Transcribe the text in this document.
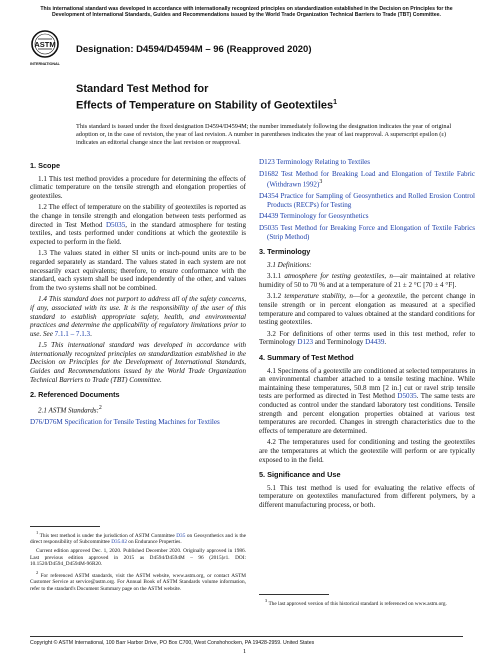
This international standard was developed in accordance with internationally recognized principles on standardization established in the Decision on Principles for the Development of International Standards, Guides and Recommendations issued by the World Trade Organization Technical Barriers to Trade (TBT) Committee.
ASTM
INTERNATIONAL
Designation: D4594/D4594M – 96 (Reapproved 2020)
Standard Test Method for
Effects of Temperature on Stability of Geotextiles$^1$
This standard is issued under the fixed designation D4594/D4594M; the number immediately following the designation indicates the year of original adoption or, in the case of revision, the year of last revision. A number in parentheses indicates the year of last reapproval. A superscript epsilon (ε) indicates an editorial change since the last revision or reapproval.
1. Scope

1.1 This test method provides a procedure for determining the effects of climatic temperature on the tensile strength and elongation properties of geotextiles.

1.2 The effect of temperature on the stability of geotextiles is reported as the change in tensile strength and elongation between tests performed as directed in Test Method D5035, in the standard atmosphere for testing textiles, and tests performed under conditions at which the geotextile is expected to perform in the field.

1.3 The values stated in either SI units or inch-pound units are to be regarded separately as standard. The values stated in each system are not necessarily exact equivalents; therefore, to ensure conformance with the standard, each system shall be used independently of the other, and values from the two systems shall not be combined.

1.4 This standard does not purport to address all of the safety concerns, if any, associated with its use. It is the responsibility of the user of this standard to establish appropriate safety, health, and environmental practices and determine the applicability of regulatory limitations prior to use. See 7.1.1 – 7.1.3.

1.5 This international standard was developed in accordance with internationally recognized principles on standardization established in the Decision on Principles for the Development of International Standards, Guides and Recommendations issued by the World Trade Organization Technical Barriers to Trade (TBT) Committee.

2. Referenced Documents

2.1 ASTM Standards:$^2$

D76/D76M Specification for Tensile Testing Machines for Textiles

D123 Terminology Relating to Textiles

D1682 Test Method for Breaking Load and Elongation of Textile Fabric (Withdrawn 1992)$^3$

D4354 Practice for Sampling of Geosynthetics and Rolled Erosion Control Products (RECPs) for Testing

D4439 Terminology for Geosynthetics

D5035 Test Method for Breaking Force and Elongation of Textile Fabrics (Strip Method)

3. Terminology

3.1 Definitions:

3.1.1 atmosphere for testing geotextiles, n—air maintained at relative humidity of 50 to 70 % and at a temperature of 21 ± 2 °C [70 ± 4 °F].

3.1.2 temperature stability, n—for a geotextile, the percent change in tensile strength or in percent elongation as measured at a specified temperature and compared to values obtained at the standard conditions for testing geotextiles.

3.2 For definitions of other terms used in this test method, refer to Terminology D123 and Terminology D4439.

4. Summary of Test Method

4.1 Specimens of a geotextile are conditioned at selected temperatures in an environmental chamber attached to a tensile testing machine. While maintaining these temperatures, 50.8 mm [2 in.] cut or ravel strip tensile tests are performed as directed in Test Method D5035. The same tests are conducted as control under the standard laboratory test conditions. Tensile strength and percent elongation properties obtained at various test temperatures are recorded. Changes in strength characteristics due to the effects of temperature are determined.

4.2 The temperatures used for conditioning and testing the geotextiles are the temperatures at which the geotextile will perform or are typically exposed to in the field.

5. Significance and Use

5.1 This test method is used for evaluating the relative effects of temperature on geotextiles manufactured from different polymers, by a different manufacturing process, or both.

$^1$ This test method is under the jurisdiction of ASTM Committee D35 on Geosynthetics and is the direct responsibility of Subcommittee D35.02 on Endurance Properties.

Current edition approved Dec. 1, 2020. Published December 2020. Originally approved in 1986. Last previous edition approved in 2015 as D4594/D4594M – 96 (2015)ε1. DOI: 10.1520/D4594_D4594M-96R20.

$^2$ For referenced ASTM standards, visit the ASTM website, www.astm.org, or contact ASTM Customer Service at service@astm.org. For Annual Book of ASTM Standards volume information, refer to the standard's Document Summary page on the ASTM website.

$^3$ The last approved version of this historical standard is referenced on www.astm.org.

Copyright © ASTM International, 100 Barr Harbor Drive, PO Box C700, West Conshohocken, PA 19428-2959. United States
1
